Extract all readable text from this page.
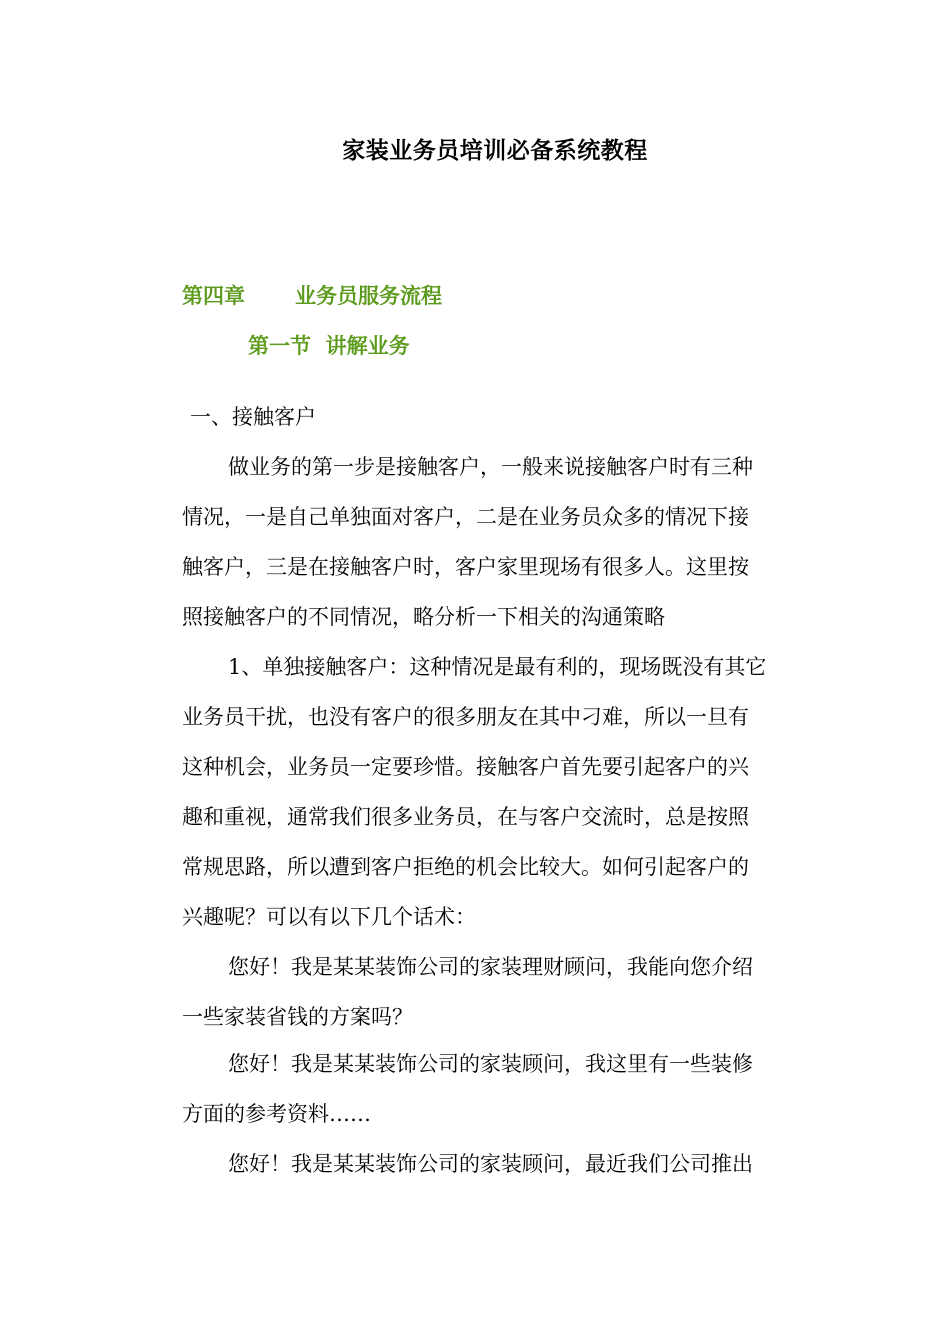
家装业务员培训必备系统教程
第四章 业务员服务流程
第一节  讲解业务
一、接触客户
做业务的第一步是接触客户，一般来说接触客户时有三种
情况，一是自己单独面对客户，二是在业务员众多的情况下接
触客户，三是在接触客户时，客户家里现场有很多人。这里按
照接触客户的不同情况，略分析一下相关的沟通策略
1、单独接触客户：这种情况是最有利的，现场既没有其它
业务员干扰，也没有客户的很多朋友在其中刁难，所以一旦有
这种机会，业务员一定要珍惜。接触客户首先要引起客户的兴
趣和重视，通常我们很多业务员，在与客户交流时，总是按照
常规思路，所以遭到客户拒绝的机会比较大。如何引起客户的
兴趣呢？可以有以下几个话术：
您好！我是某某装饰公司的家装理财顾问，我能向您介绍
一些家装省钱的方案吗？
您好！我是某某装饰公司的家装顾问，我这里有一些装修
方面的参考资料……
您好！我是某某装饰公司的家装顾问，最近我们公司推出
